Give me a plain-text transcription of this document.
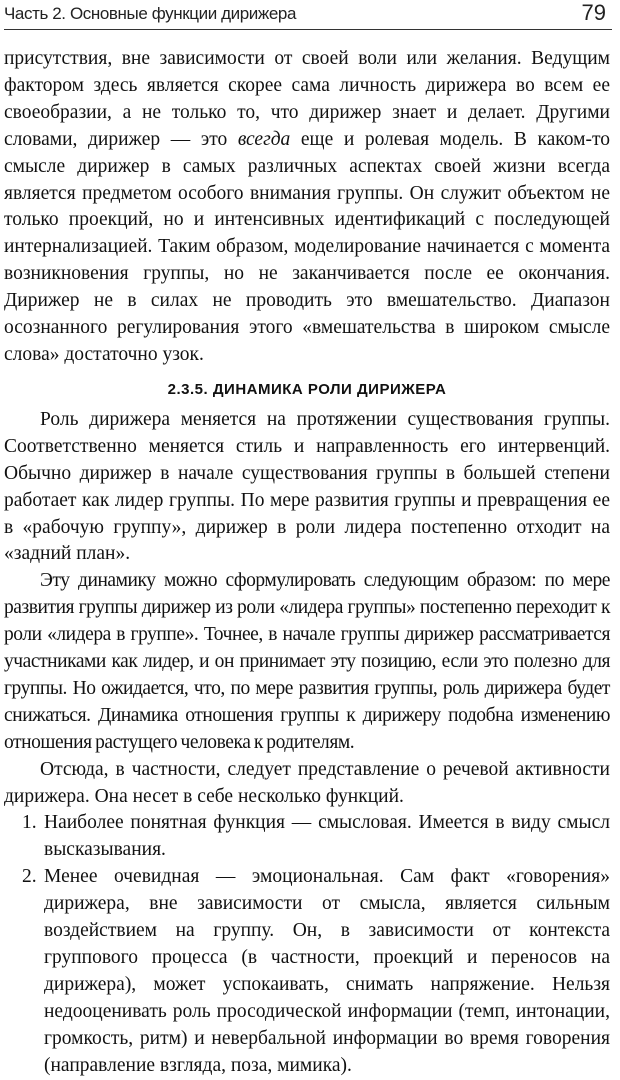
Часть 2. Основные функции дирижера	79

присутствия, вне зависимости от своей воли или желания. Ведущим фактором здесь является скорее сама личность дирижера во всем ее своеобразии, а не только то, что дирижер знает и делает. Другими словами, дирижер — это всегда еще и ролевая модель. В каком-то смысле дирижер в самых различных аспектах своей жизни всегда является предметом особого внимания группы. Он служит объектом не только проекций, но и интенсивных идентификаций с последующей интернализацией. Таким образом, моделирование начинается с момента возникновения группы, но не заканчивается после ее окончания. Дирижер не в силах не проводить это вмешательство. Диапазон осознанного регулирования этого «вмешательства в широком смысле слова» достаточно узок.

2.3.5. ДИНАМИКА РОЛИ ДИРИЖЕРА

Роль дирижера меняется на протяжении существования группы. Соответственно меняется стиль и направленность его интервенций. Обычно дирижер в начале существования группы в большей степени работает как лидер группы. По мере развития группы и превращения ее в «рабочую группу», дирижер в роли лидера постепенно отходит на «задний план».

Эту динамику можно сформулировать следующим образом: по мере развития группы дирижер из роли «лидера группы» постепенно переходит к роли «лидера в группе». Точнее, в начале группы дирижер рассматривается участниками как лидер, и он принимает эту позицию, если это полезно для группы. Но ожидается, что, по мере развития группы, роль дирижера будет снижаться. Динамика отношения группы к дирижеру подобна изменению отношения растущего человека к родителям.

Отсюда, в частности, следует представление о речевой активности дирижера. Она несет в себе несколько функций.

1. Наиболее понятная функция — смысловая. Имеется в виду смысл высказывания.
2. Менее очевидная — эмоциональная. Сам факт «говорения» дирижера, вне зависимости от смысла, является сильным воздействием на группу. Он, в зависимости от контекста группового процесса (в частности, проекций и переносов на дирижера), может успокаивать, снимать напряжение. Нельзя недооценивать роль просодической информации (темп, интонации, громкость, ритм) и невербальной информации во время говорения (направление взгляда, поза, мимика).
